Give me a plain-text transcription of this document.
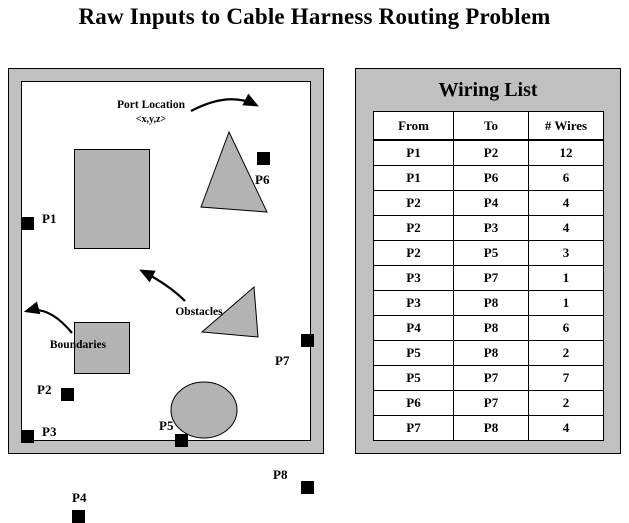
Raw Inputs to Cable Harness Routing Problem
P1
P2
P3
P4
P5
P6
P7
P8
Port Location
<x,y,z>
Obstacles
Boundaries
Wiring List
From	To	# Wires
P1	P2	12
P1	P6	6
P2	P4	4
P2	P3	4
P2	P5	3
P3	P7	1
P3	P8	1
P4	P8	6
P5	P8	2
P5	P7	7
P6	P7	2
P7	P8	4
